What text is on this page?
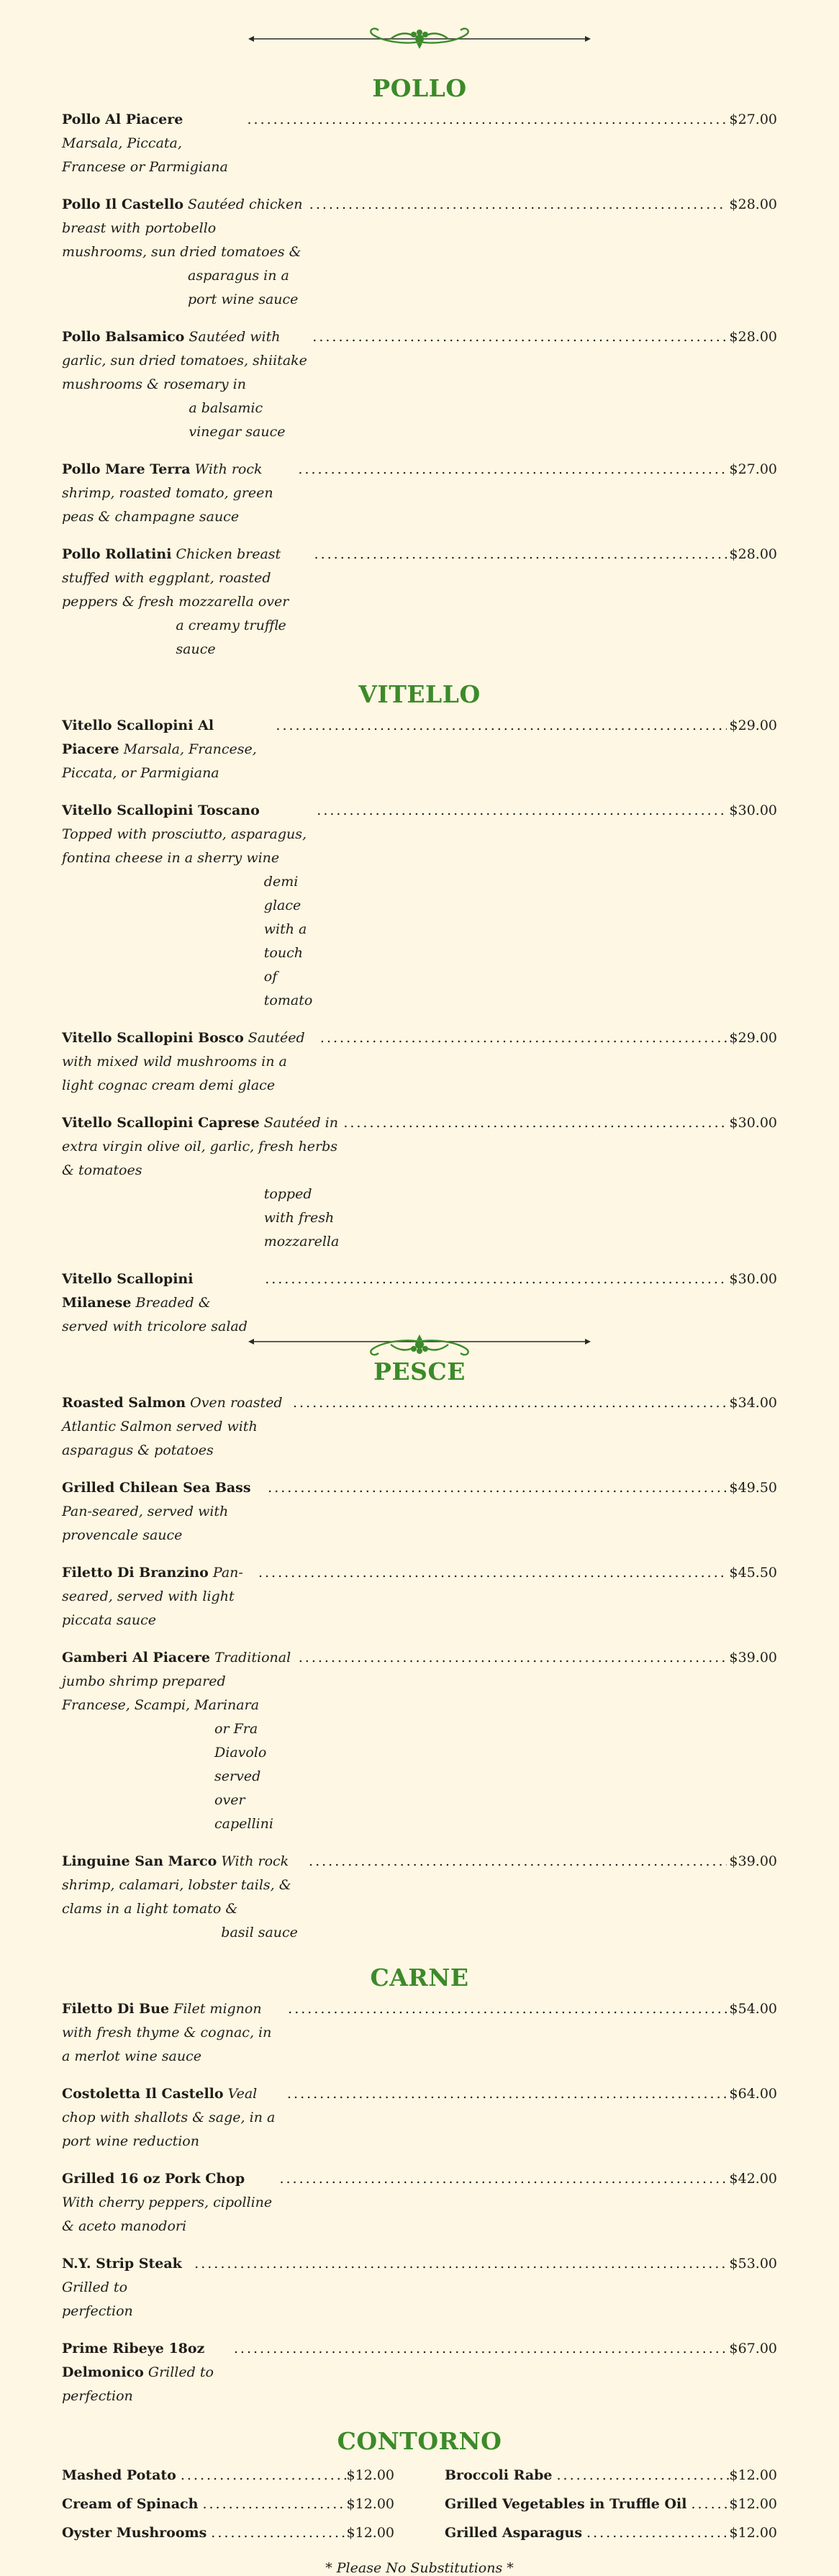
POLLO
Pollo Al Piacere Marsala, Piccata, Francese or Parmigiana
.....
$27.00
Pollo Il Castello Sautéed chicken breast with portobello mushrooms, sun dried tomatoes &
asparagus in a port wine sauce
.....
$28.00
Pollo Balsamico Sautéed with garlic, sun dried tomatoes, shiitake mushrooms & rosemary in
a balsamic vinegar sauce
.....
$28.00
Pollo Mare Terra With rock shrimp, roasted tomato, green peas & champagne sauce
.....
$27.00
Pollo Rollatini Chicken breast stuffed with eggplant, roasted peppers & fresh mozzarella over
a creamy truffle sauce
.....
$28.00
VITELLO
Vitello Scallopini Al Piacere Marsala, Francese, Piccata, or Parmigiana
.....
$29.00
Vitello Scallopini Toscano Topped with prosciutto, asparagus, fontina cheese in a sherry wine
demi glace with a touch of tomato
.....
$30.00
Vitello Scallopini Bosco Sautéed with mixed wild mushrooms in a light cognac cream demi glace
.....
$29.00
Vitello Scallopini Caprese Sautéed in extra virgin olive oil, garlic, fresh herbs & tomatoes
topped with fresh mozzarella
.....
$30.00
Vitello Scallopini Milanese Breaded & served with tricolore salad
.....
$30.00
PESCE
Roasted Salmon Oven roasted Atlantic Salmon served with asparagus & potatoes
.....
$34.00
Grilled Chilean Sea Bass Pan-seared, served with provencale sauce
.....
$49.50
Filetto Di Branzino Pan-seared, served with light piccata sauce
.....
$45.50
Gamberi Al Piacere Traditional jumbo shrimp prepared Francese, Scampi, Marinara
or Fra Diavolo served over capellini
.....
$39.00
Linguine San Marco With rock shrimp, calamari, lobster tails, & clams in a light tomato &
basil sauce
.....
$39.00
CARNE
Filetto Di Bue Filet mignon with fresh thyme & cognac, in a merlot wine sauce
.....
$54.00
Costoletta Il Castello Veal chop with shallots & sage, in a port wine reduction
.....
$64.00
Grilled 16 oz Pork Chop With cherry peppers, cipolline & aceto manodori
.....
$42.00
N.Y. Strip Steak Grilled to perfection
.....
$53.00
Prime Ribeye 18oz Delmonico Grilled to perfection
.....
$67.00
CONTORNO
Mashed Potato .....	$12.00
Cream of Spinach .....	$12.00
Oyster Mushrooms .....	$12.00
Broccoli Rabe .....	$12.00
Grilled Vegetables in Truffle Oil .....	$12.00
Grilled Asparagus .....	$12.00
* Please No Substitutions *
